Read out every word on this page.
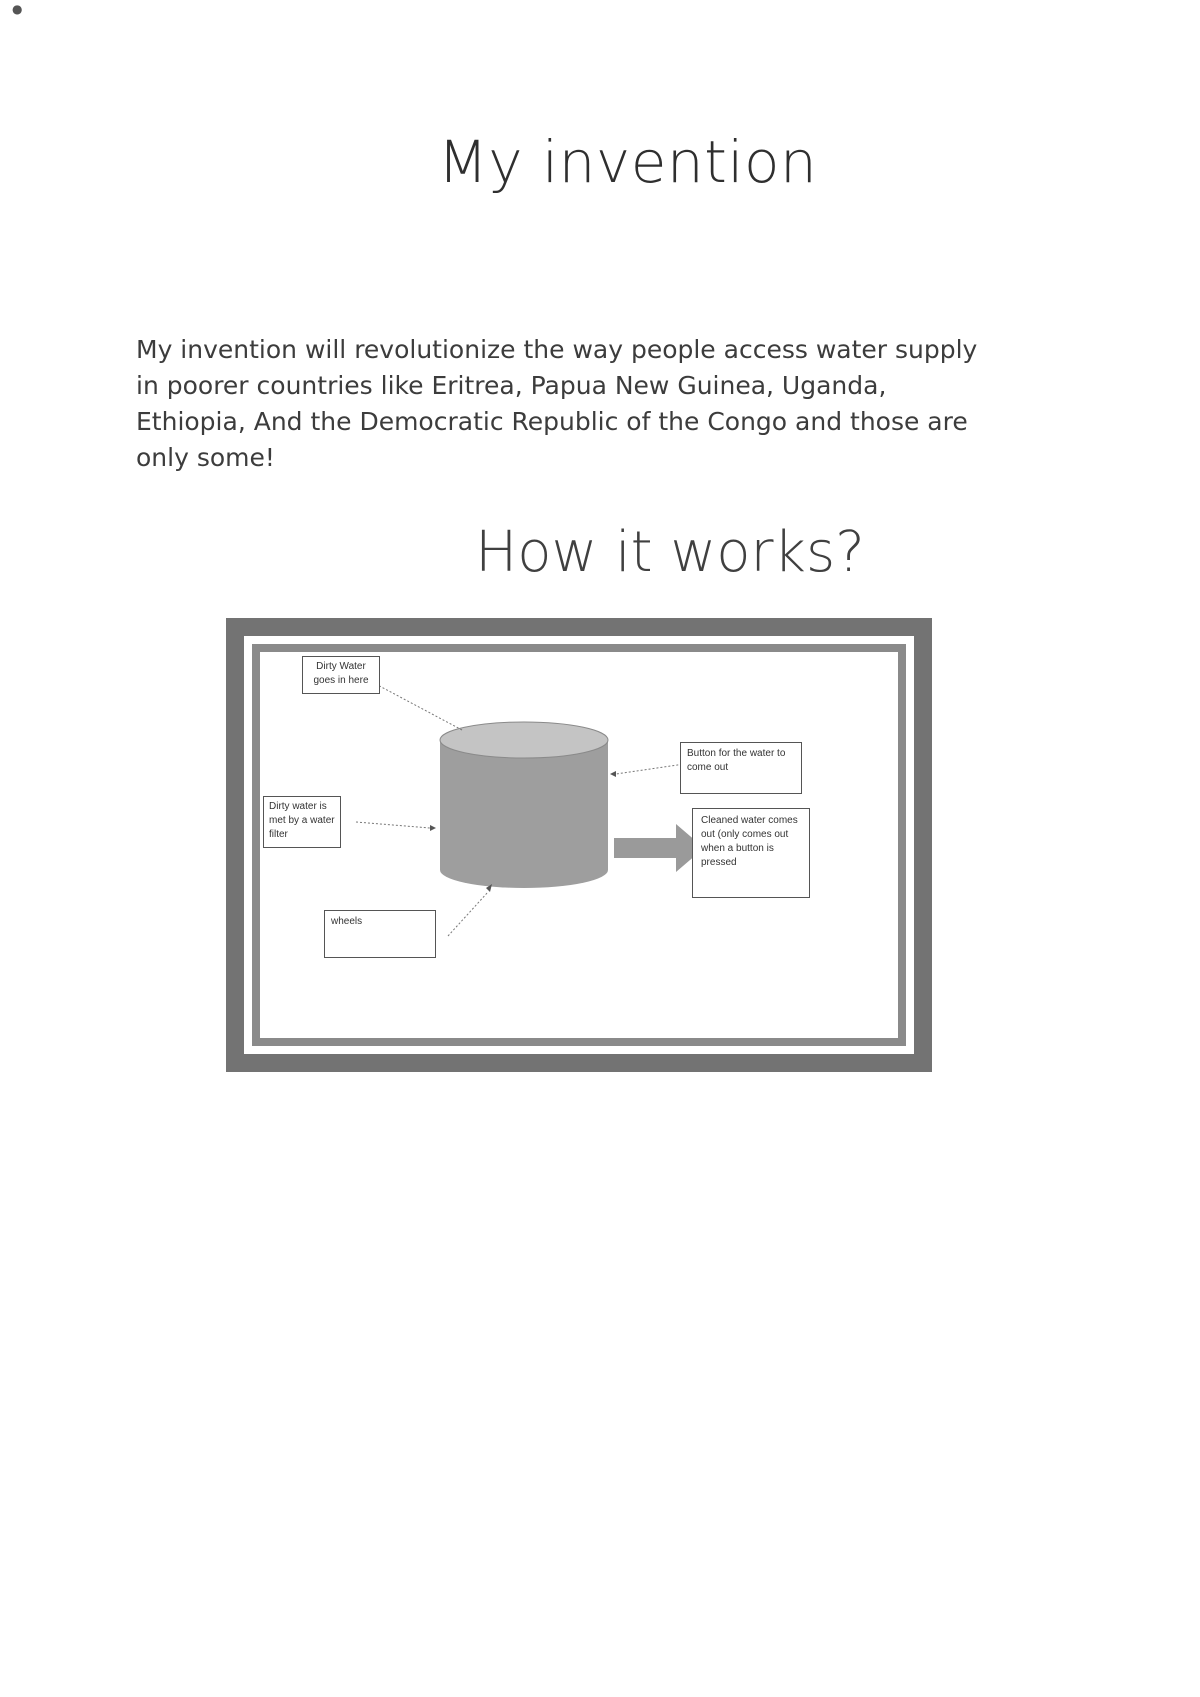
●
My invention

My invention will revolutionize the way people access water supply in poorer countries like Eritrea, Papua New Guinea, Uganda, Ethiopia, And the Democratic Republic of the Congo and those are only some!

How it works?
Dirty Water goes in here
Dirty water is met by a water filter
wheels
Button for the water to come out
Cleaned water comes out (only comes out when a button is pressed
